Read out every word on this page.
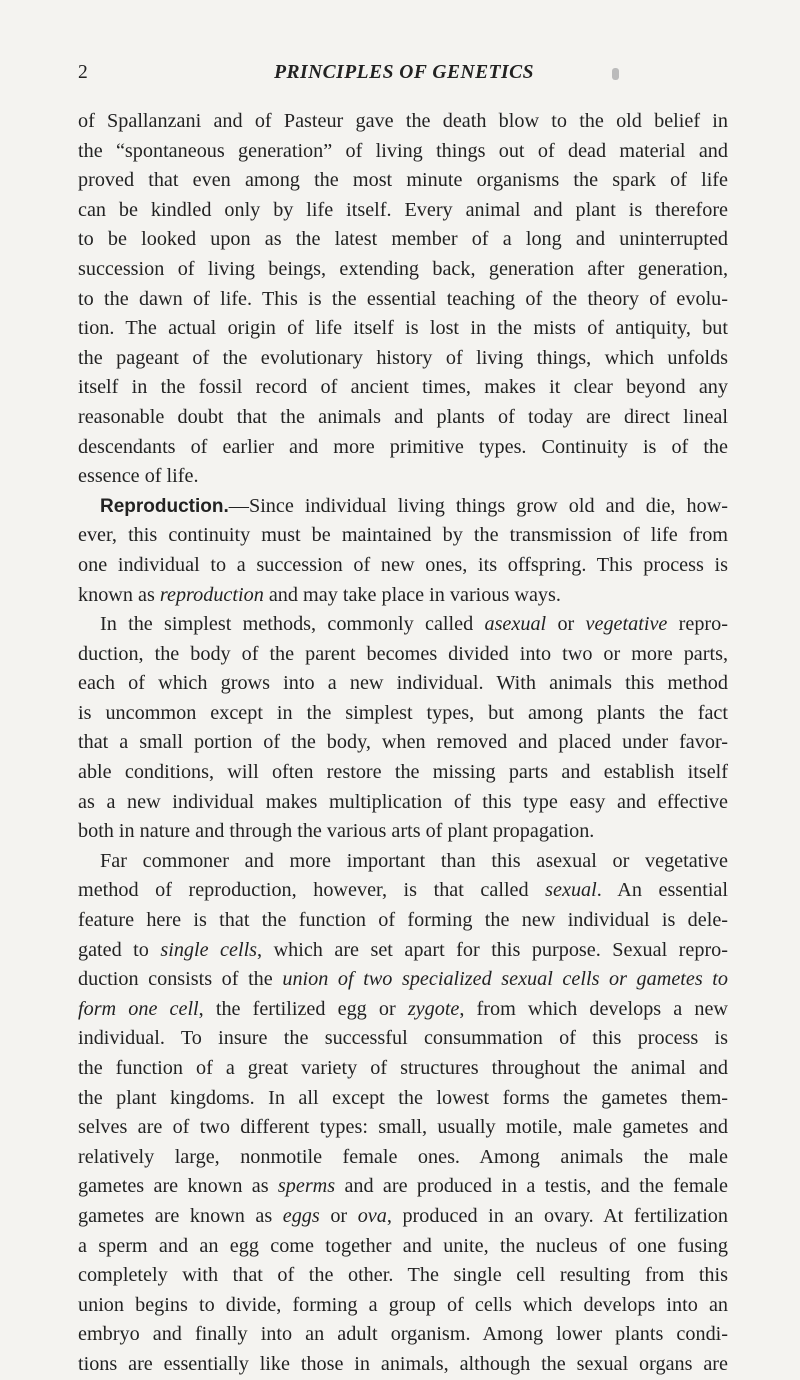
2	PRINCIPLES OF GENETICS
of Spallanzani and of Pasteur gave the death blow to the old belief in
the “spontaneous generation” of living things out of dead material and
proved that even among the most minute organisms the spark of life
can be kindled only by life itself. Every animal and plant is therefore
to be looked upon as the latest member of a long and uninterrupted
succession of living beings, extending back, generation after generation,
to the dawn of life. This is the essential teaching of the theory of evolu-
tion. The actual origin of life itself is lost in the mists of antiquity, but
the pageant of the evolutionary history of living things, which unfolds
itself in the fossil record of ancient times, makes it clear beyond any
reasonable doubt that the animals and plants of today are direct lineal
descendants of earlier and more primitive types. Continuity is of the
essence of life.
Reproduction.—Since individual living things grow old and die, how-
ever, this continuity must be maintained by the transmission of life from
one individual to a succession of new ones, its offspring. This process is
known as reproduction and may take place in various ways.
In the simplest methods, commonly called asexual or vegetative repro-
duction, the body of the parent becomes divided into two or more parts,
each of which grows into a new individual. With animals this method
is uncommon except in the simplest types, but among plants the fact
that a small portion of the body, when removed and placed under favor-
able conditions, will often restore the missing parts and establish itself
as a new individual makes multiplication of this type easy and effective
both in nature and through the various arts of plant propagation.
Far commoner and more important than this asexual or vegetative
method of reproduction, however, is that called sexual. An essential
feature here is that the function of forming the new individual is dele-
gated to single cells, which are set apart for this purpose. Sexual repro-
duction consists of the union of two specialized sexual cells or gametes to
form one cell, the fertilized egg or zygote, from which develops a new
individual. To insure the successful consummation of this process is
the function of a great variety of structures throughout the animal and
the plant kingdoms. In all except the lowest forms the gametes them-
selves are of two different types: small, usually motile, male gametes and
relatively large, nonmotile female ones. Among animals the male
gametes are known as sperms and are produced in a testis, and the female
gametes are known as eggs or ova, produced in an ovary. At fertilization
a sperm and an egg come together and unite, the nucleus of one fusing
completely with that of the other. The single cell resulting from this
union begins to divide, forming a group of cells which develops into an
embryo and finally into an adult organism. Among lower plants condi-
tions are essentially like those in animals, although the sexual organs are
